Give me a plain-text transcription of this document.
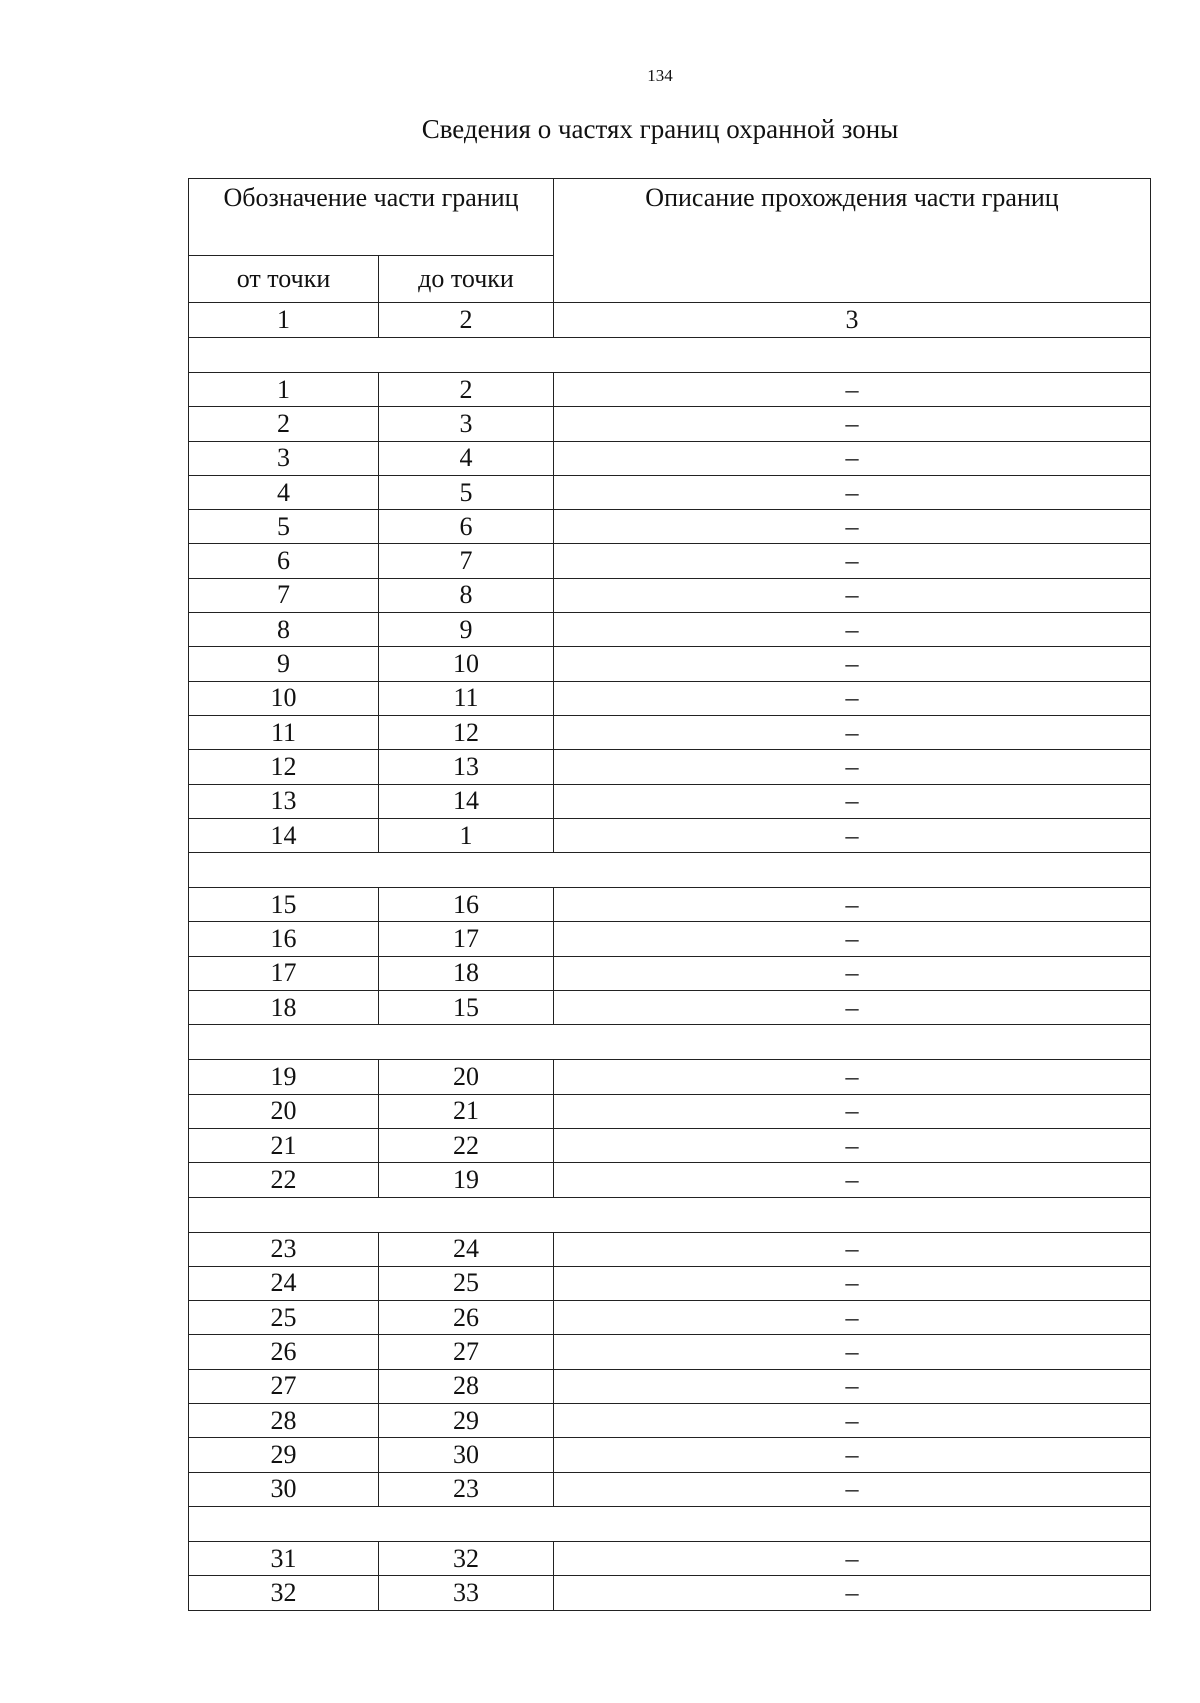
134
Сведения о частях границ охранной зоны
Обозначение части границ		Описание прохождения части границ
от точки	до точки	
1	2	3

1	2	–
2	3	–
3	4	–
4	5	–
5	6	–
6	7	–
7	8	–
8	9	–
9	10	–
10	11	–
11	12	–
12	13	–
13	14	–
14	1	–

15	16	–
16	17	–
17	18	–
18	15	–

19	20	–
20	21	–
21	22	–
22	19	–

23	24	–
24	25	–
25	26	–
26	27	–
27	28	–
28	29	–
29	30	–
30	23	–

31	32	–
32	33	–
